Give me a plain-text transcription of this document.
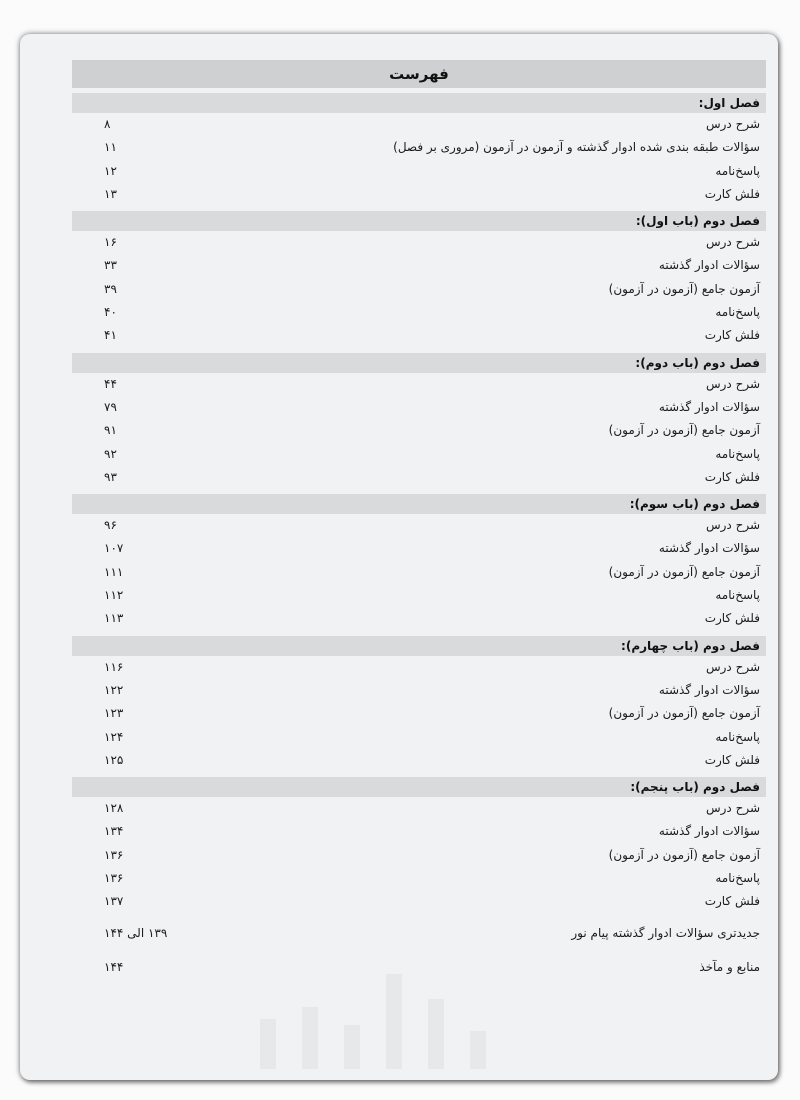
فهرست
فصل اول:
شرح درس
۸
سؤالات طبقه بندی شده ادوار گذشته و آزمون در آزمون (مروری بر فصل)
۱۱
پاسخ‌نامه
۱۲
فلش کارت
۱۳
فصل دوم (باب اول):
شرح درس
۱۶
سؤالات ادوار گذشته
۳۳
آزمون جامع (آزمون در آزمون)
۳۹
پاسخ‌نامه
۴۰
فلش کارت
۴۱
فصل دوم (باب دوم):
شرح درس
۴۴
سؤالات ادوار گذشته
۷۹
آزمون جامع (آزمون در آزمون)
۹۱
پاسخ‌نامه
۹۲
فلش کارت
۹۳
فصل دوم (باب سوم):
شرح درس
۹۶
سؤالات ادوار گذشته
۱۰۷
آزمون جامع (آزمون در آزمون)
۱۱۱
پاسخ‌نامه
۱۱۲
فلش کارت
۱۱۳
فصل دوم (باب چهارم):
شرح درس
۱۱۶
سؤالات ادوار گذشته
۱۲۲
آزمون جامع (آزمون در آزمون)
۱۲۳
پاسخ‌نامه
۱۲۴
فلش کارت
۱۲۵
فصل دوم (باب پنجم):
شرح درس
۱۲۸
سؤالات ادوار گذشته
۱۳۴
آزمون جامع (آزمون در آزمون)
۱۳۶
پاسخ‌نامه
۱۳۶
فلش کارت
۱۳۷
جدیدتری سؤالات ادوار گذشته پیام نور
۱۳۹ الی ۱۴۴
منابع و مآخذ
۱۴۴
